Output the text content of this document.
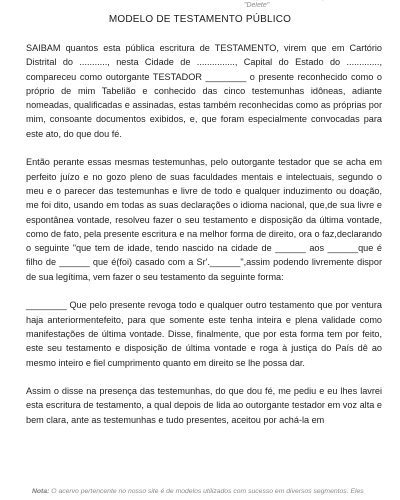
"Delete"
MODELO DE TESTAMENTO PÚBLICO

SAIBAM quantos esta pública escritura de TESTAMENTO, virem que em Cartório Distrital do ..........., nesta Cidade de ..............., Capital do Estado do ............., compareceu como outorgante TESTADOR ________ o presente reconhecido como o próprio de mim Tabelião e conhecido das cinco testemunhas idôneas, adiante nomeadas, qualificadas e assinadas, estas também reconhecidas como as próprias por mim, consoante documentos exibidos, e, que foram especialmente convocadas para este ato, do que dou fé.

Então perante essas mesmas testemunhas, pelo outorgante testador que se acha em perfeito juízo e no gozo pleno de suas faculdades mentais e intelectuais, segundo o meu e o parecer das testemunhas e livre de todo e qualquer induzimento ou doação, me foi dito, usando em todas as suas declarações o idioma nacional, que,de sua livre e espontânea vontade, resolveu fazer o seu testamento e disposição da última vontade, como de fato, pela presente escritura e na melhor forma de direito, ora o faz,declarando o seguinte "que tem de idade, tendo nascido na cidade de ______ aos ______que é filho de ______ que é(foi) casado com a Sr'.______",assim podendo livremente dispor de sua legítima, vem fazer o seu testamento da seguinte forma:

________ Que pelo presente revoga todo e qualquer outro testamento que por ventura haja anteriormentefeito, para que somente este tenha inteira e plena validade como manifestações de última vontade. Disse, finalmente, que por esta forma tem por feito, este seu testamento e disposição de última vontade e roga à justiça do País dê ao mesmo inteiro e fiel cumprimento quanto em direito se lhe possa dar.

Assim o disse na presença das testemunhas, do que dou fé, me pediu e eu lhes lavrei esta escritura de testamento, a qual depois de lida ao outorgante testador em voz alta e bem clara, ante as testemunhas e tudo presentes, aceitou por achá-la em

Nota: O acervo pertencente no nosso site é de modelos utilizados com sucesso em diversos segmentos. Eles
